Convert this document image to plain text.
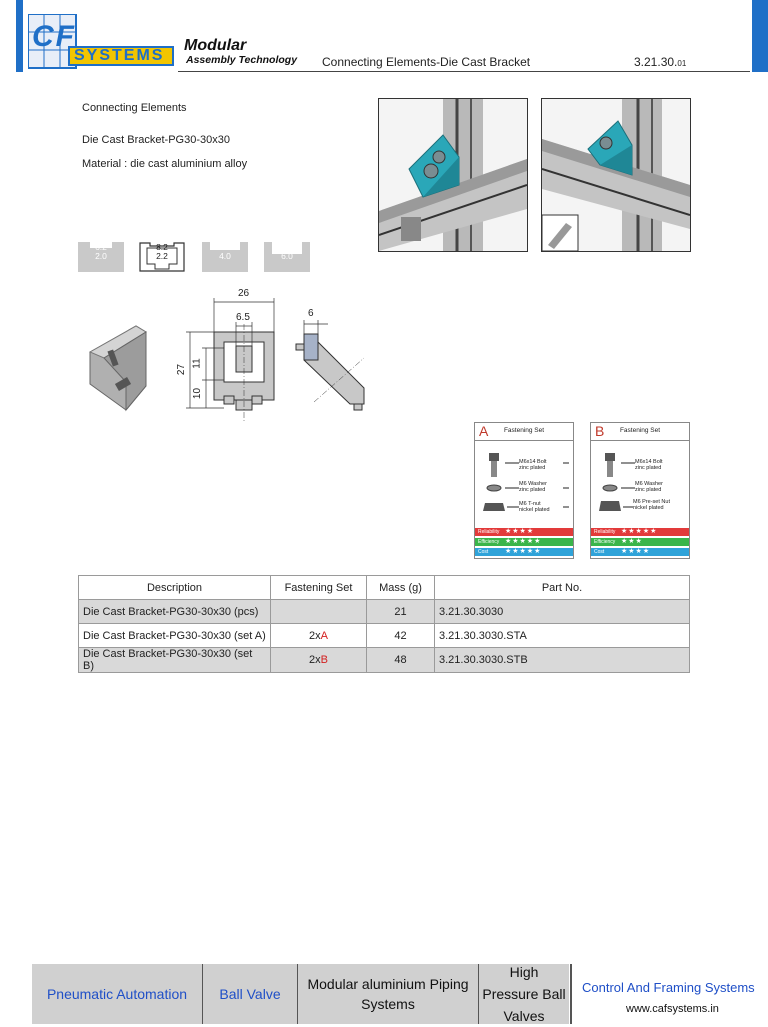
CF
SYSTEMS
Modular
Assembly Technology Connecting Elements-Die Cast Bracket	3.21.30.01
Connecting Elements
Die Cast Bracket-PG30-30x30
Material : die cast aluminium alloy
6.2
2.0
8.2
2.2
10.2
4.0
10.2
6.0
26
6.5
27
11
10
6
A	Fastening Set
M6x14 Bolt
zinc plated
M6 Washer
zinc plated
M6 T-nut
nickel plated
Reliability ★★★★
Efficiency ★★★★★
Cost ★★★★★
B	Fastening Set
M6x14 Bolt
zinc plated
M6 Washer
zinc plated
M6 Pre-set Nut
nickel plated
Reliability ★★★★★
Efficiency ★★★
Cost ★★★★
Description	Fastening Set	Mass (g)	Part No.
Die Cast Bracket-PG30-30x30 (pcs)		21	3.21.30.3030
Die Cast Bracket-PG30-30x30 (set A)	2xA	42	3.21.30.3030.STA
Die Cast Bracket-PG30-30x30 (set B)	2xB	48	3.21.30.3030.STB
Pneumatic Automation Ball Valve
Modular aluminium Piping Systems
High Pressure Ball Valves
Control And Framing Systems
www.cafsystems.in
